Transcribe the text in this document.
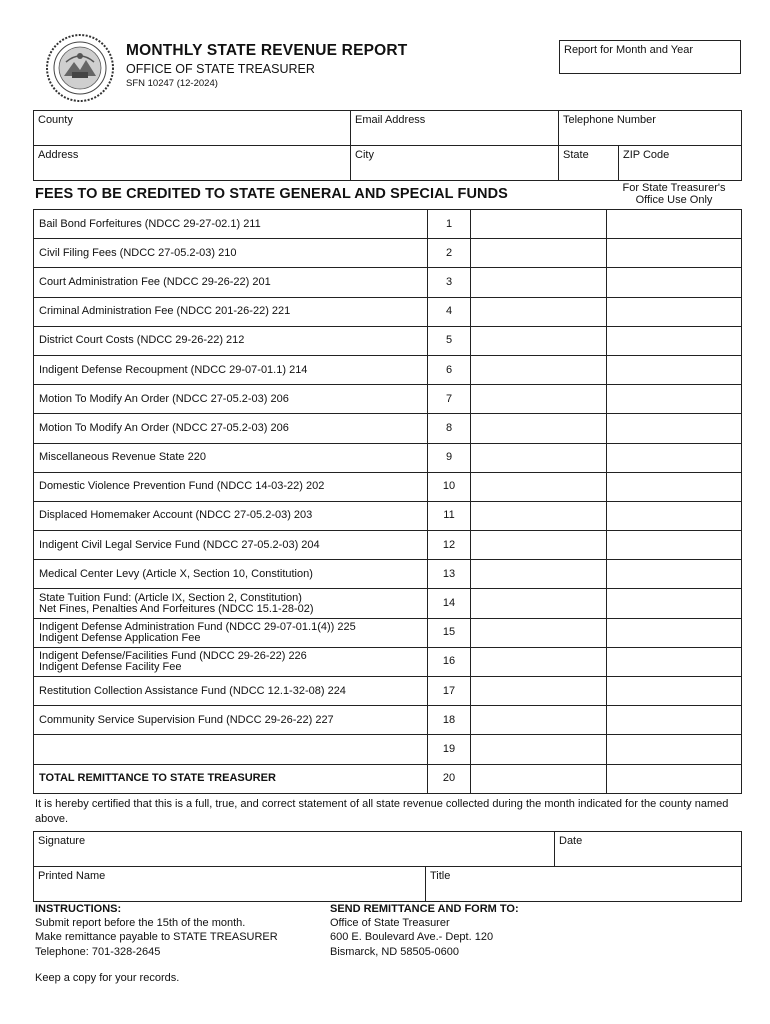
MONTHLY STATE REVENUE REPORT
OFFICE OF STATE TREASURER
SFN 10247 (12-2024)
Report for Month and Year
County	Email Address	Telephone Number	
Address	City	State	ZIP Code
FEES TO BE CREDITED TO STATE GENERAL AND SPECIAL FUNDS	For State Treasurer's
Office Use Only
Bail Bond Forfeitures (NDCC 29-27-02.1) 211	1		

Civil Filing Fees (NDCC 27-05.2-03) 210	2		

Court Administration Fee (NDCC 29-26-22) 201	3		

Criminal Administration Fee (NDCC 201-26-22) 221	4		

District Court Costs (NDCC 29-26-22) 212	5		

Indigent Defense Recoupment (NDCC 29-07-01.1) 214	6		

Motion To Modify An Order (NDCC 27-05.2-03) 206	7		

Motion To Modify An Order (NDCC 27-05.2-03) 206	8		

Miscellaneous Revenue State 220	9		

Domestic Violence Prevention Fund (NDCC 14-03-22) 202	10		

Displaced Homemaker Account (NDCC 27-05.2-03) 203	11		

Indigent Civil Legal Service Fund (NDCC 27-05.2-03) 204	12		

Medical Center Levy (Article X, Section 10, Constitution)	13		

State Tuition Fund: (Article IX, Section 2, Constitution)
Net Fines, Penalties And Forfeitures (NDCC 15.1-28-02)	14		

Indigent Defense Administration Fund (NDCC 29-07-01.1(4)) 225
Indigent Defense Application Fee	15		

Indigent Defense/Facilities Fund (NDCC 29-26-22) 226
Indigent Defense Facility Fee	16		

Restitution Collection Assistance Fund (NDCC 12.1-32-08) 224	17		

Community Service Supervision Fund (NDCC 29-26-22) 227	18		

	19		

TOTAL REMITTANCE TO STATE TREASURER	20		
It is hereby certified that this is a full, true, and correct statement of all state revenue collected during the month indicated for the county named above.
Signature		Date
Printed Name	Title	
INSTRUCTIONS:
Submit report before the 15th of the month.
Make remittance payable to STATE TREASURER
Telephone: 701-328-2645
SEND REMITTANCE AND FORM TO:
Office of State Treasurer
600 E. Boulevard Ave.- Dept. 120
Bismarck, ND 58505-0600
Keep a copy for your records.
